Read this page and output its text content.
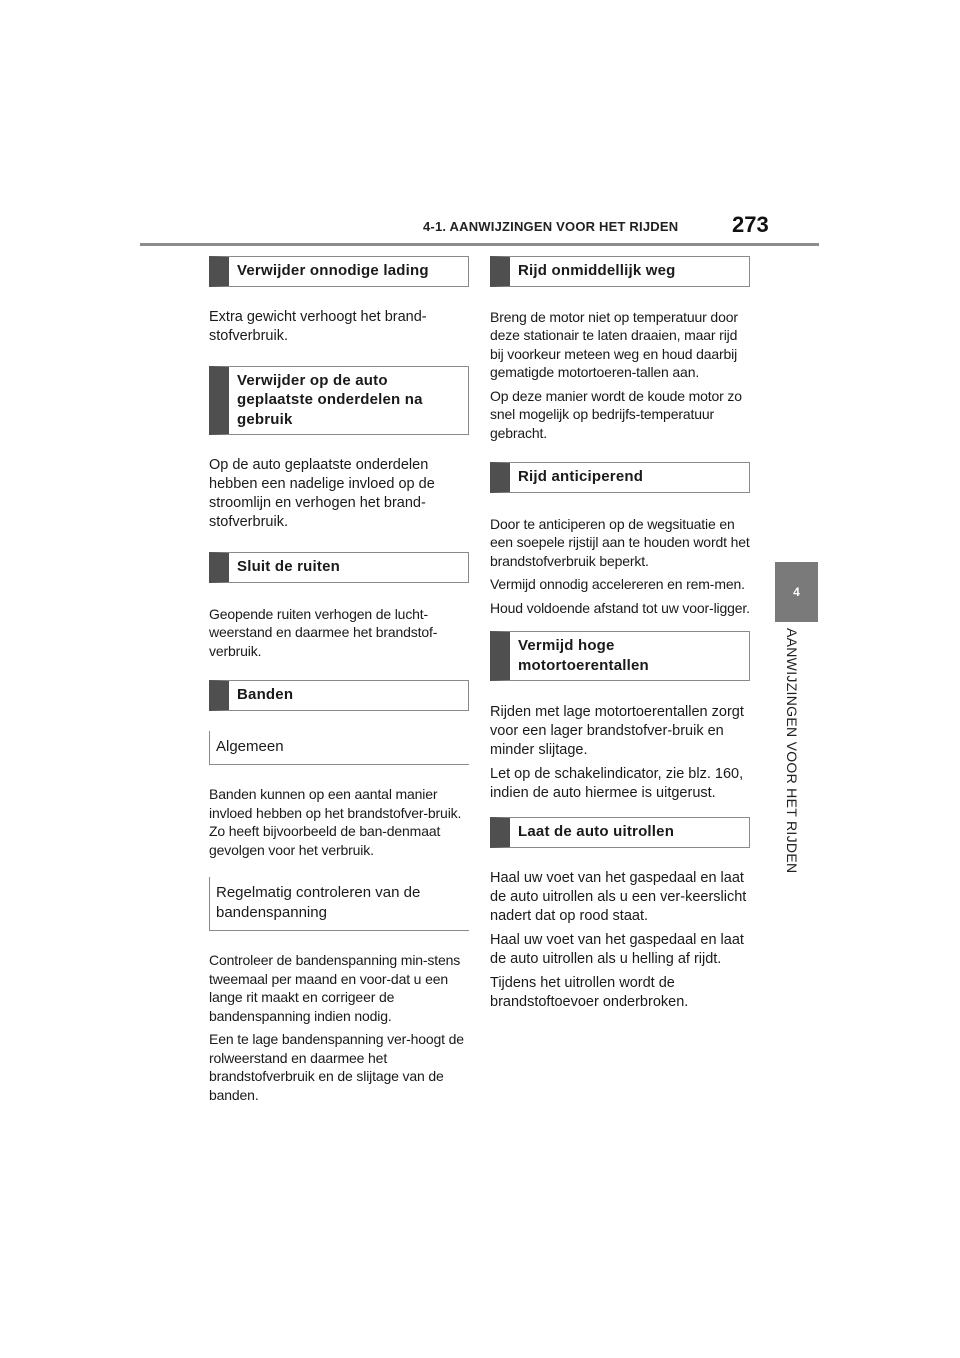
4-1. AANWIJZINGEN VOOR HET RIJDEN 273
4
AANWIJZINGEN VOOR HET RIJDEN
Verwijder onnodige lading
Extra gewicht verhoogt het brand-stofverbruik.
Verwijder op de auto geplaatste onderdelen na gebruik
Op de auto geplaatste onderdelen hebben een nadelige invloed op de stroomlijn en verhogen het brand-stofverbruik.
Sluit de ruiten
Geopende ruiten verhogen de lucht-weerstand en daarmee het brandstof-verbruik.
Banden
Algemeen
Banden kunnen op een aantal manier invloed hebben op het brandstofver-bruik. Zo heeft bijvoorbeeld de ban-denmaat gevolgen voor het verbruik.
Regelmatig controleren van de bandenspanning
Controleer de bandenspanning min-stens tweemaal per maand en voor-dat u een lange rit maakt en corrigeer de bandenspanning indien nodig.
Een te lage bandenspanning ver-hoogt de rolweerstand en daarmee het brandstofverbruik en de slijtage van de banden.
Rijd onmiddellijk weg
Breng de motor niet op temperatuur door deze stationair te laten draaien, maar rijd bij voorkeur meteen weg en houd daarbij gematigde motortoeren-tallen aan.
Op deze manier wordt de koude motor zo snel mogelijk op bedrijfs-temperatuur gebracht.
Rijd anticiperend
Door te anticiperen op de wegsituatie en een soepele rijstijl aan te houden wordt het brandstofverbruik beperkt.
Vermijd onnodig accelereren en rem-men.
Houd voldoende afstand tot uw voor-ligger.
Vermijd hoge motortoerentallen
Rijden met lage motortoerentallen zorgt voor een lager brandstofver-bruik en minder slijtage.
Let op de schakelindicator, zie blz. 160, indien de auto hiermee is uitgerust.
Laat de auto uitrollen
Haal uw voet van het gaspedaal en laat de auto uitrollen als u een ver-keerslicht nadert dat op rood staat.
Haal uw voet van het gaspedaal en laat de auto uitrollen als u helling af rijdt.
Tijdens het uitrollen wordt de brandstoftoevoer onderbroken.
